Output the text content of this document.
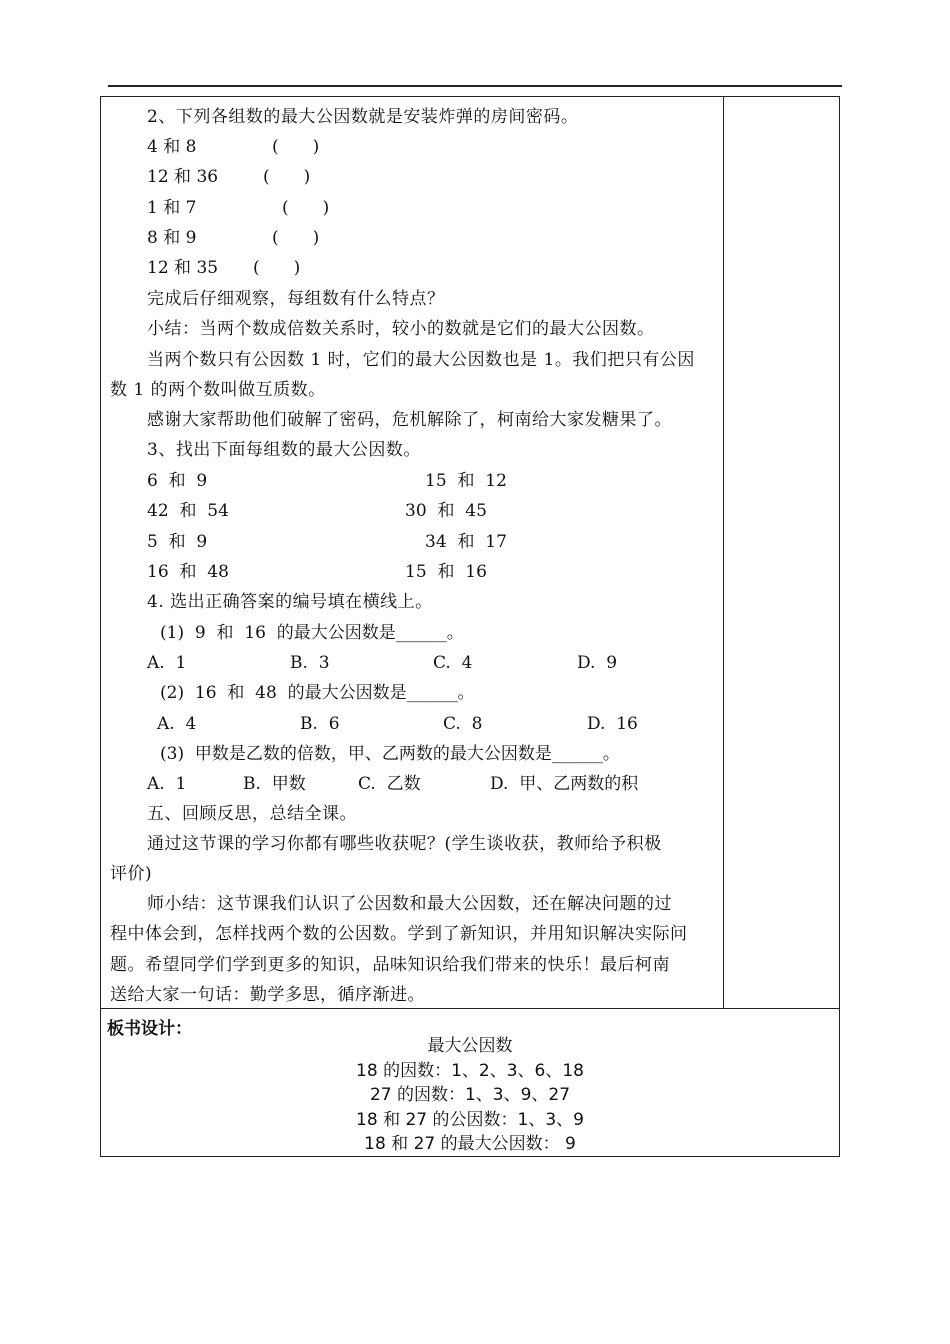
2、下列各组数的最大公因数就是安装炸弹的房间密码。
4 和 8	(　　)
12 和 36	(　　)
1 和 7	(　　)
8 和 9	(　　)
12 和 35 (　　)
完成后仔细观察，每组数有什么特点？
小结：当两个数成倍数关系时，较小的数就是它们的最大公因数。
当两个数只有公因数 1 时，它们的最大公因数也是 1。我们把只有公因
数 1 的两个数叫做互质数。
感谢大家帮助他们破解了密码，危机解除了，柯南给大家发糖果了。
3、找出下面每组数的最大公因数。
6  和  9	15  和  12
42  和  54	30  和  45
5  和  9	34  和  17
16  和  48	15  和  16
4. 选出正确答案的编号填在横线上。
(1)  9  和  16  的最大公因数是______。
A.  1	B.  3	C.  4	D.  9
(2)  16  和  48  的最大公因数是______。
A.  4	B.  6	C.  8	D.  16
(3)  甲数是乙数的倍数，甲、乙两数的最大公因数是______。
A.  1	B.  甲数	C.  乙数	D.  甲、乙两数的积
五、回顾反思，总结全课。
通过这节课的学习你都有哪些收获呢？(学生谈收获，教师给予积极
评价)
师小结：这节课我们认识了公因数和最大公因数，还在解决问题的过
程中体会到，怎样找两个数的公因数。学到了新知识，并用知识解决实际问
题。希望同学们学到更多的知识，品味知识给我们带来的快乐！最后柯南
送给大家一句话：勤学多思，循序渐进。
板书设计：
最大公因数
18 的因数：1、2、3、6、18
27 的因数：1、3、9、27
18 和 27 的公因数：1、3、9
18 和 27 的最大公因数： 9
